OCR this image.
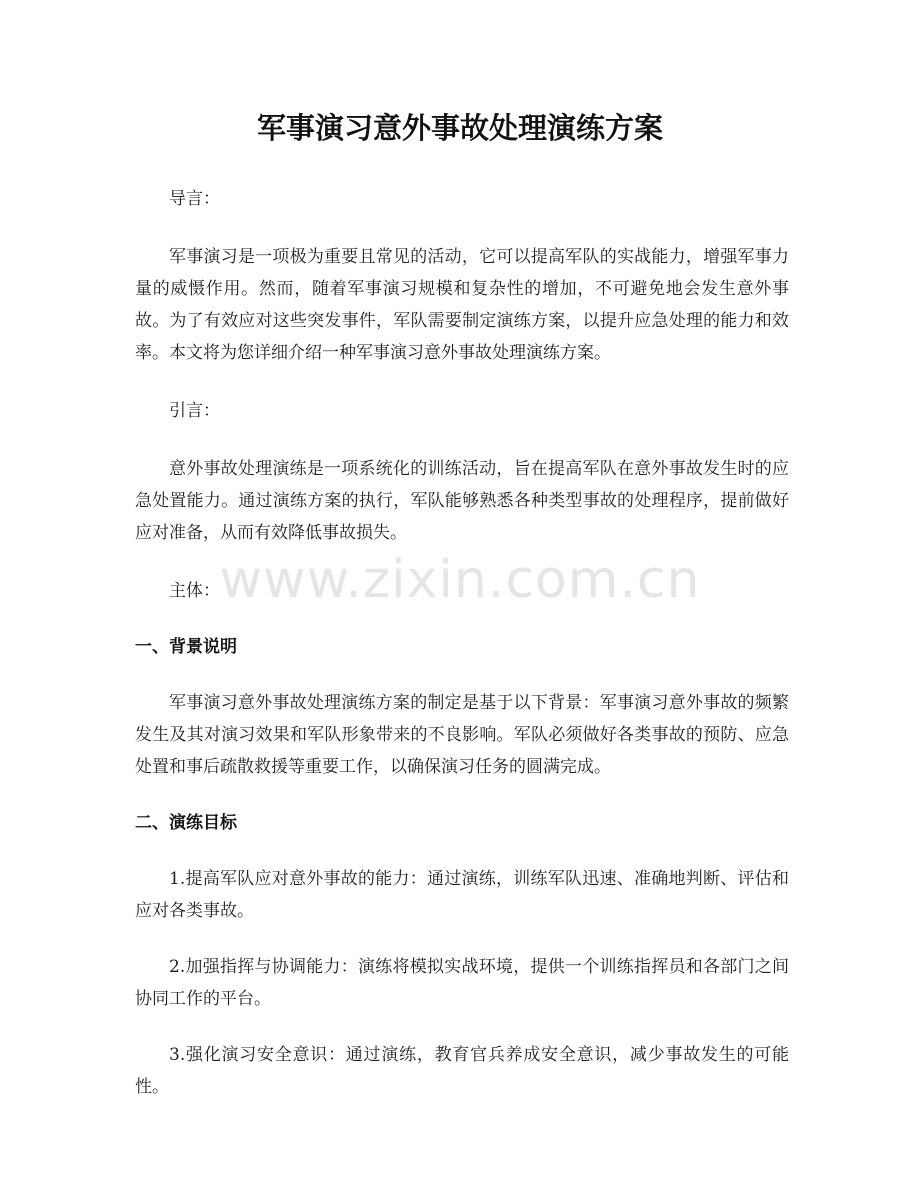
军事演习意外事故处理演练方案

导言：

军事演习是一项极为重要且常见的活动，它可以提高军队的实战能力，增强军事力量的威慑作用。然而，随着军事演习规模和复杂性的增加，不可避免地会发生意外事故。为了有效应对这些突发事件，军队需要制定演练方案，以提升应急处理的能力和效率。本文将为您详细介绍一种军事演习意外事故处理演练方案。

引言：

意外事故处理演练是一项系统化的训练活动，旨在提高军队在意外事故发生时的应急处置能力。通过演练方案的执行，军队能够熟悉各种类型事故的处理程序，提前做好应对准备，从而有效降低事故损失。

主体：

一、背景说明

军事演习意外事故处理演练方案的制定是基于以下背景：军事演习意外事故的频繁发生及其对演习效果和军队形象带来的不良影响。军队必须做好各类事故的预防、应急处置和事后疏散救援等重要工作，以确保演习任务的圆满完成。

二、演练目标

1.提高军队应对意外事故的能力：通过演练，训练军队迅速、准确地判断、评估和应对各类事故。

2.加强指挥与协调能力：演练将模拟实战环境，提供一个训练指挥员和各部门之间协同工作的平台。

3.强化演习安全意识：通过演练，教育官兵养成安全意识，减少事故发生的可能性。

www.zixin.com.cn
